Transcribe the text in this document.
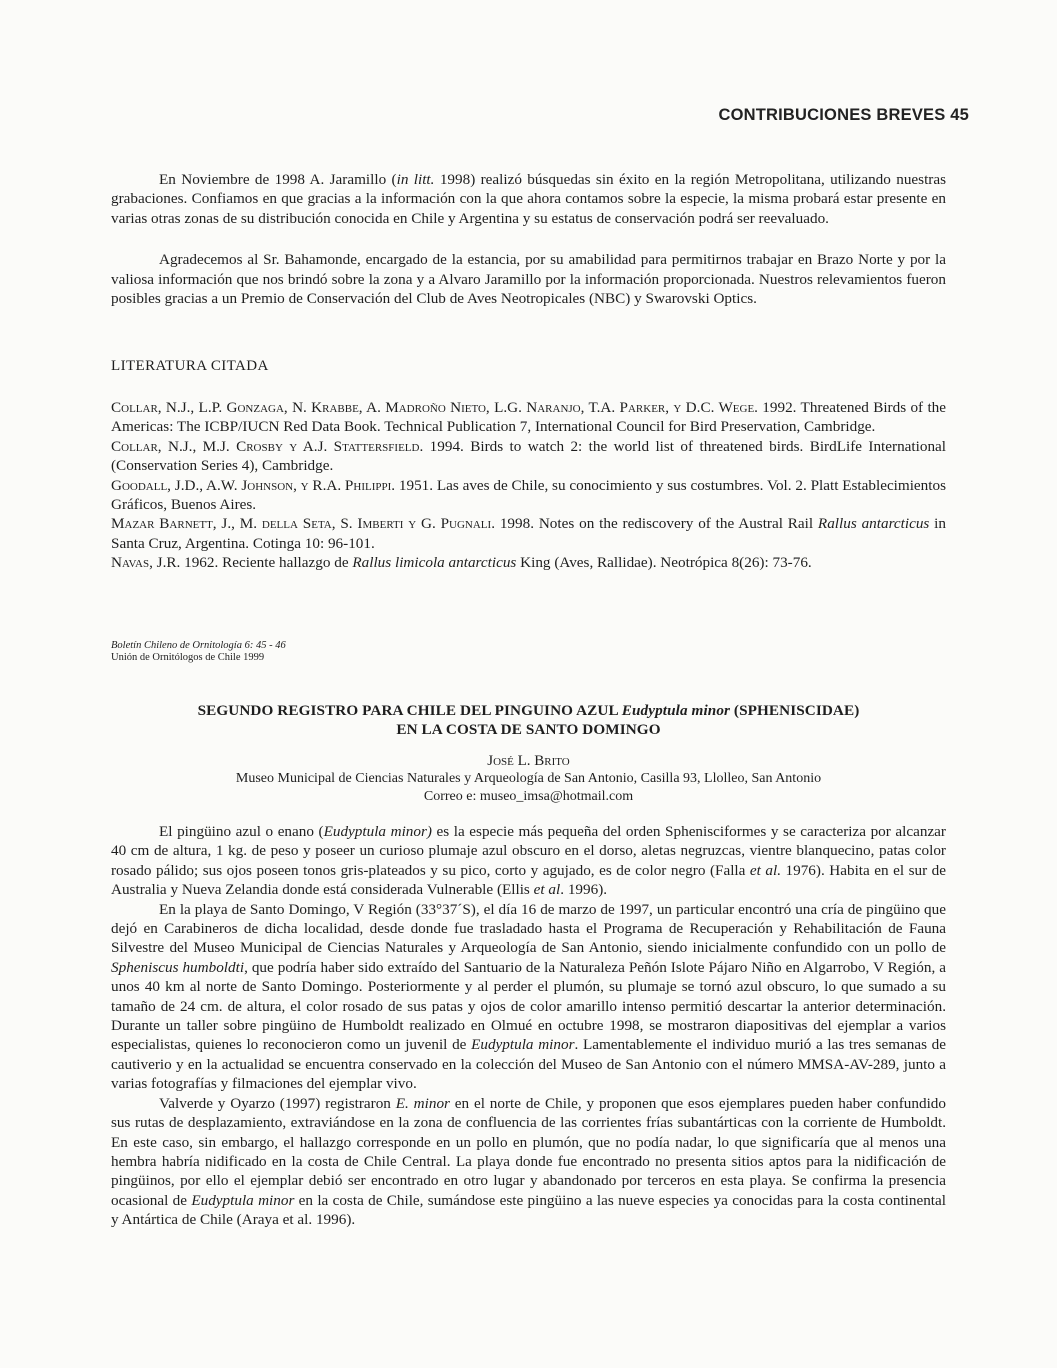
CONTRIBUCIONES BREVES 45

En Noviembre de 1998 A. Jaramillo (in litt. 1998) realizó búsquedas sin éxito en la región Metropolitana, utilizando nuestras grabaciones. Confiamos en que gracias a la información con la que ahora contamos sobre la especie, la misma probará estar presente en varias otras zonas de su distribución conocida en Chile y Argentina y su estatus de conservación podrá ser reevaluado.

Agradecemos al Sr. Bahamonde, encargado de la estancia, por su amabilidad para permitirnos trabajar en Brazo Norte y por la valiosa información que nos brindó sobre la zona y a Alvaro Jaramillo por la información proporcionada. Nuestros relevamientos fueron posibles gracias a un Premio de Conservación del Club de Aves Neotropicales (NBC) y Swarovski Optics.

LITERATURA CITADA

Collar, N.J., L.P. Gonzaga, N. Krabbe, A. Madroño Nieto, L.G. Naranjo, T.A. Parker, y D.C. Wege. 1992. Threatened Birds of the Americas: The ICBP/IUCN Red Data Book. Technical Publication 7, International Council for Bird Preservation, Cambridge.

Collar, N.J., M.J. Crosby y A.J. Stattersfield. 1994. Birds to watch 2: the world list of threatened birds. BirdLife International (Conservation Series 4), Cambridge.

Goodall, J.D., A.W. Johnson, y R.A. Philippi. 1951. Las aves de Chile, su conocimiento y sus costumbres. Vol. 2. Platt Establecimientos Gráficos, Buenos Aires.

Mazar Barnett, J., M. della Seta, S. Imberti y G. Pugnali. 1998. Notes on the rediscovery of the Austral Rail Rallus antarcticus in Santa Cruz, Argentina. Cotinga 10: 96-101.

Navas, J.R. 1962. Reciente hallazgo de Rallus limicola antarcticus King (Aves, Rallidae). Neotrópica 8(26): 73-76.

Boletín Chileno de Ornitología 6: 45 - 46
Unión de Ornitólogos de Chile 1999
SEGUNDO REGISTRO PARA CHILE DEL PINGUINO AZUL Eudyptula minor (SPHENISCIDAE)
EN LA COSTA DE SANTO DOMINGO
José L. Brito
Museo Municipal de Ciencias Naturales y Arqueología de San Antonio, Casilla 93, Llolleo, San Antonio
Correo e: museo_imsa@hotmail.com

El pingüino azul o enano (Eudyptula minor) es la especie más pequeña del orden Sphenisciformes y se caracteriza por alcanzar 40 cm de altura, 1 kg. de peso y poseer un curioso plumaje azul obscuro en el dorso, aletas negruzcas, vientre blanquecino, patas color rosado pálido; sus ojos poseen tonos gris-plateados y su pico, corto y agujado, es de color negro (Falla et al. 1976). Habita en el sur de Australia y Nueva Zelandia donde está considerada Vulnerable (Ellis et al. 1996).

En la playa de Santo Domingo, V Región (33°37´S), el día 16 de marzo de 1997, un particular encontró una cría de pingüino que dejó en Carabineros de dicha localidad, desde donde fue trasladado hasta el Programa de Recuperación y Rehabilitación de Fauna Silvestre del Museo Municipal de Ciencias Naturales y Arqueología de San Antonio, siendo inicialmente confundido con un pollo de Spheniscus humboldti, que podría haber sido extraído del Santuario de la Naturaleza Peñón Islote Pájaro Niño en Algarrobo, V Región, a unos 40 km al norte de Santo Domingo. Posteriormente y al perder el plumón, su plumaje se tornó azul obscuro, lo que sumado a su tamaño de 24 cm. de altura, el color rosado de sus patas y ojos de color amarillo intenso permitió descartar la anterior determinación. Durante un taller sobre pingüino de Humboldt realizado en Olmué en octubre 1998, se mostraron diapositivas del ejemplar a varios especialistas, quienes lo reconocieron como un juvenil de Eudyptula minor. Lamentablemente el individuo murió a las tres semanas de cautiverio y en la actualidad se encuentra conservado en la colección del Museo de San Antonio con el número MMSA-AV-289, junto a varias fotografías y filmaciones del ejemplar vivo.

Valverde y Oyarzo (1997) registraron E. minor en el norte de Chile, y proponen que esos ejemplares pueden haber confundido sus rutas de desplazamiento, extraviándose en la zona de confluencia de las corrientes frías subantárticas con la corriente de Humboldt. En este caso, sin embargo, el hallazgo corresponde en un pollo en plumón, que no podía nadar, lo que significaría que al menos una hembra habría nidificado en la costa de Chile Central. La playa donde fue encontrado no presenta sitios aptos para la nidificación de pingüinos, por ello el ejemplar debió ser encontrado en otro lugar y abandonado por terceros en esta playa. Se confirma la presencia ocasional de Eudyptula minor en la costa de Chile, sumándose este pingüino a las nueve especies ya conocidas para la costa continental y Antártica de Chile (Araya et al. 1996).
